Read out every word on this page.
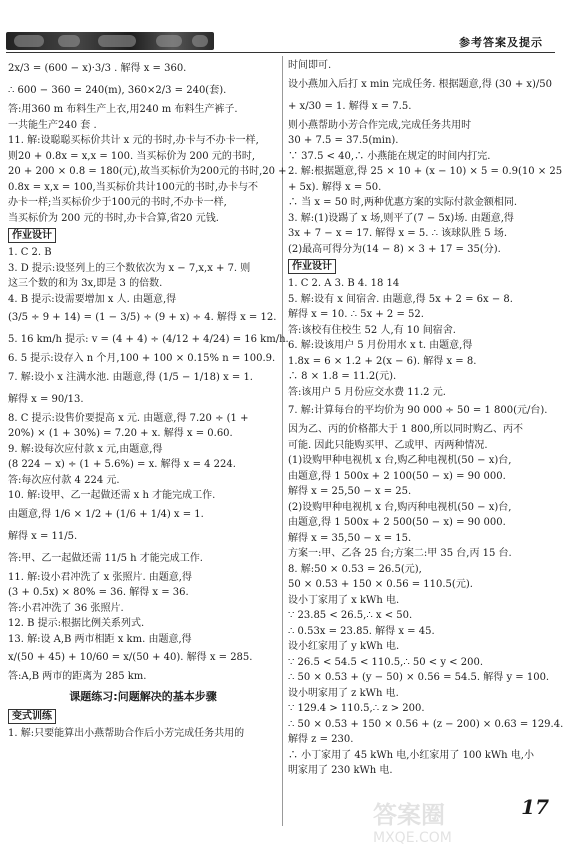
参考答案及提示

2x/3 = (600 − x)·3/3 . 解得 x = 360.

∴ 600 − 360 = 240(m), 360×2/3 = 240(套).

答:用360 m 布料生产上衣,用240 m 布料生产裤子.

一共能生产240 套 .

11. 解:设聪聪买标价共计 x 元的书时,办卡与不办卡一样,

则20 + 0.8x = x,x = 100. 当买标价为 200 元的书时,

20 + 200 × 0.8 = 180(元),故当买标价为200元的书时,20 +

0.8x = x,x = 100,当买标价共计100元的书时,办卡与不

办卡一样;当买标价少于100元的书时,不办卡一样,

当买标价为 200 元的书时,办卡合算,省20 元钱.

作业设计

1. C 2. B

3. D 提示:设竖列上的三个数依次为 x − 7,x,x + 7. 则

这三个数的和为 3x,即是 3 的倍数.

4. B 提示:设需要增加 x 人. 由题意,得

(3/5 ÷ 9 + 14) = (1 − 3/5) ÷ (9 + x) ÷ 4. 解得 x = 12.

5. 16 km/h 提示: v = (4 + 4) ÷ (4/12 + 4/24) = 16 km/h.

6. 5 提示:设存入 n 个月,100 + 100 × 0.15% n = 100.9.

7. 解:设小 x 注满水池. 由题意,得 (1/5 − 1/18) x = 1.

解得 x = 90/13.

8. C 提示:设售价要提高 x 元. 由题意,得 7.20 ÷ (1 +

20%) × (1 + 30%) = 7.20 + x. 解得 x = 0.60.

9. 解:设每次应付款 x 元,由题意,得

(8 224 − x) ÷ (1 + 5.6%) = x. 解得 x = 4 224.

答:每次应付款 4 224 元.

10. 解:设甲、乙一起做还需 x h 才能完成工作.

由题意,得 1/6 × 1/2 + (1/6 + 1/4) x = 1.

解得 x = 11/5.

答:甲、乙一起做还需 11/5 h 才能完成工作.

11. 解:设小君冲洗了 x 张照片. 由题意,得

(3 + 0.5x) × 80% = 36. 解得 x = 36.

答:小君冲洗了 36 张照片.

12. B 提示:根据比例关系列式.

13. 解:设 A,B 两市相距 x km. 由题意,得

x/(50 + 45) + 10/60 = x/(50 + 40). 解得 x = 285.

答:A,B 两市的距离为 285 km.

课题练习:问题解决的基本步骤
变式训练

1. 解:只要能算出小燕帮助合作后小芳完成任务共用的

时间即可.

设小燕加入后打 x min 完成任务. 根据题意,得 (30 + x)/50

+ x/30 = 1. 解得 x = 7.5.

则小燕帮助小芳合作完成,完成任务共用时

30 + 7.5 = 37.5(min).

∵ 37.5 < 40,∴ 小燕能在规定的时间内打完.

2. 解:根据题意,得 25 × 10 + (x − 10) × 5 = 0.9(10 × 25

+ 5x). 解得 x = 50.

∴ 当 x = 50 时,两种优惠方案的实际付款金额相同.

3. 解:(1)设踢了 x 场,则平了(7 − 5x)场. 由题意,得

3x + 7 − x = 17. 解得 x = 5. ∴ 该球队胜 5 场.

(2)最高可得分为(14 − 8) × 3 + 17 = 35(分).

作业设计

1. C 2. A 3. B 4. 18 14

5. 解:设有 x 间宿舍. 由题意,得 5x + 2 = 6x − 8.

解得 x = 10. ∴ 5x + 2 = 52.

答:该校有住校生 52 人,有 10 间宿舍.

6. 解:设该用户 5 月份用水 x t. 由题意,得

1.8x = 6 × 1.2 + 2(x − 6). 解得 x = 8.

∴ 8 × 1.8 = 11.2(元).

答:该用户 5 月份应交水费 11.2 元.

7. 解:计算每台的平均价为 90 000 ÷ 50 = 1 800(元/台).

因为乙、丙的价格都大于 1 800,所以同时购乙、丙不

可能. 因此只能购买甲、乙或甲、丙两种情况.

(1)设购甲种电视机 x 台,购乙种电视机(50 − x)台,

由题意,得 1 500x + 2 100(50 − x) = 90 000.

解得 x = 25,50 − x = 25.

(2)设购甲种电视机 x 台,购丙种电视机(50 − x)台,

由题意,得 1 500x + 2 500(50 − x) = 90 000.

解得 x = 35,50 − x = 15.

方案一:甲、乙各 25 台;方案二:甲 35 台,丙 15 台.

8. 解:50 × 0.53 = 26.5(元),

50 × 0.53 + 150 × 0.56 = 110.5(元).

设小丁家用了 x kWh 电.

∵ 23.85 < 26.5,∴ x < 50.

∴ 0.53x = 23.85. 解得 x = 45.

设小红家用了 y kWh 电.

∵ 26.5 < 54.5 < 110.5,∴ 50 < y < 200.

∴ 50 × 0.53 + (y − 50) × 0.56 = 54.5. 解得 y = 100.

设小明家用了 z kWh 电.

∵ 129.4 > 110.5,∴ z > 200.

∴ 50 × 0.53 + 150 × 0.56 + (z − 200) × 0.63 = 129.4.

解得 z = 230.

∴ 小丁家用了 45 kWh 电,小红家用了 100 kWh 电,小

明家用了 230 kWh 电.

答案圈
MXQE.COM
17
